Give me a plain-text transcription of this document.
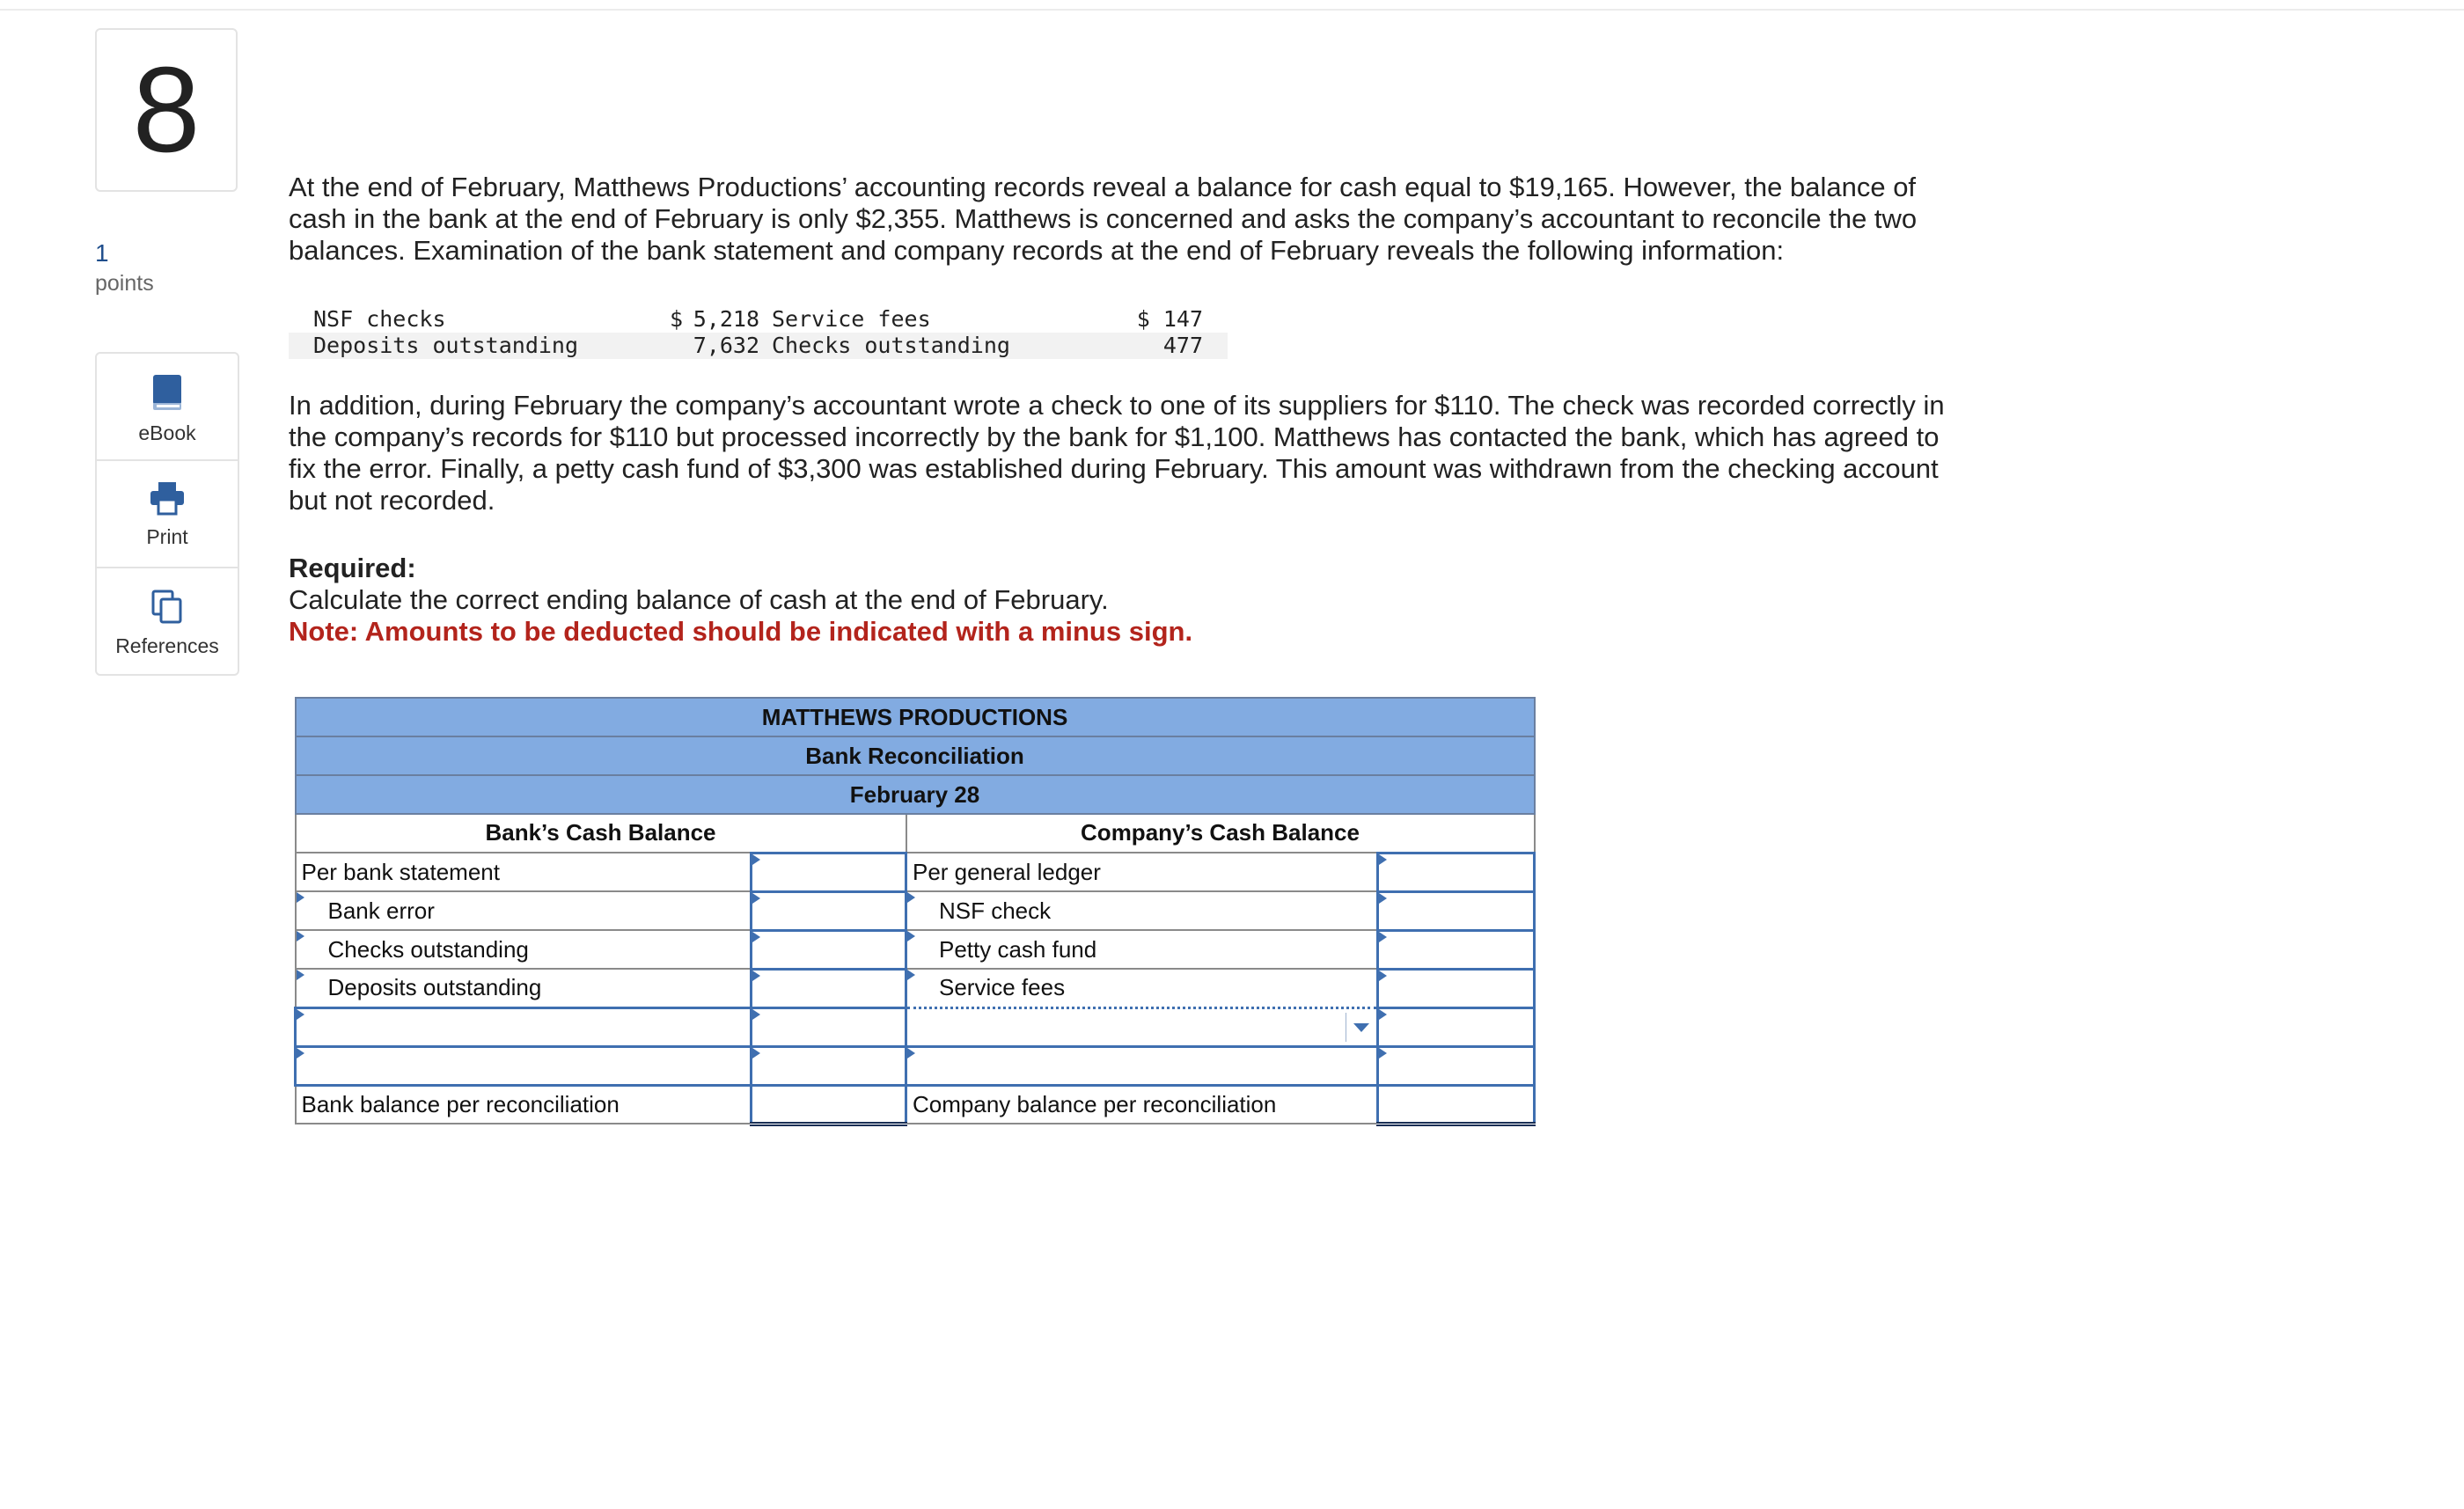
8
1
points
eBook
Print
References

At the end of February, Matthews Productions’ accounting records reveal a balance for cash equal to $19,165. However, the balance of cash in the bank at the end of February is only $2,355. Matthews is concerned and asks the company’s accountant to reconcile the two balances. Examination of the bank statement and company records at the end of February reveals the following information:

NSF checks	$	5,218	Service fees	$ 147
Deposits outstanding		7,632	Checks outstanding	477

In addition, during February the company’s accountant wrote a check to one of its suppliers for $110. The check was recorded correctly in the company’s records for $110 but processed incorrectly by the bank for $1,100. Matthews has contacted the bank, which has agreed to fix the error. Finally, a petty cash fund of $3,300 was established during February. This amount was withdrawn from the checking account but not recorded.

Required:
Calculate the correct ending balance of cash at the end of February.
Note: Amounts to be deducted should be indicated with a minus sign.
MATTHEWS PRODUCTIONS			
Bank Reconciliation			
February 28			
Bank’s Cash Balance		Company’s Cash Balance	
Per bank statement		Per general ledger	
Bank error		NSF check	
Checks outstanding		Petty cash fund	
Deposits outstanding		Service fees	

Bank balance per reconciliation		Company balance per reconciliation	
